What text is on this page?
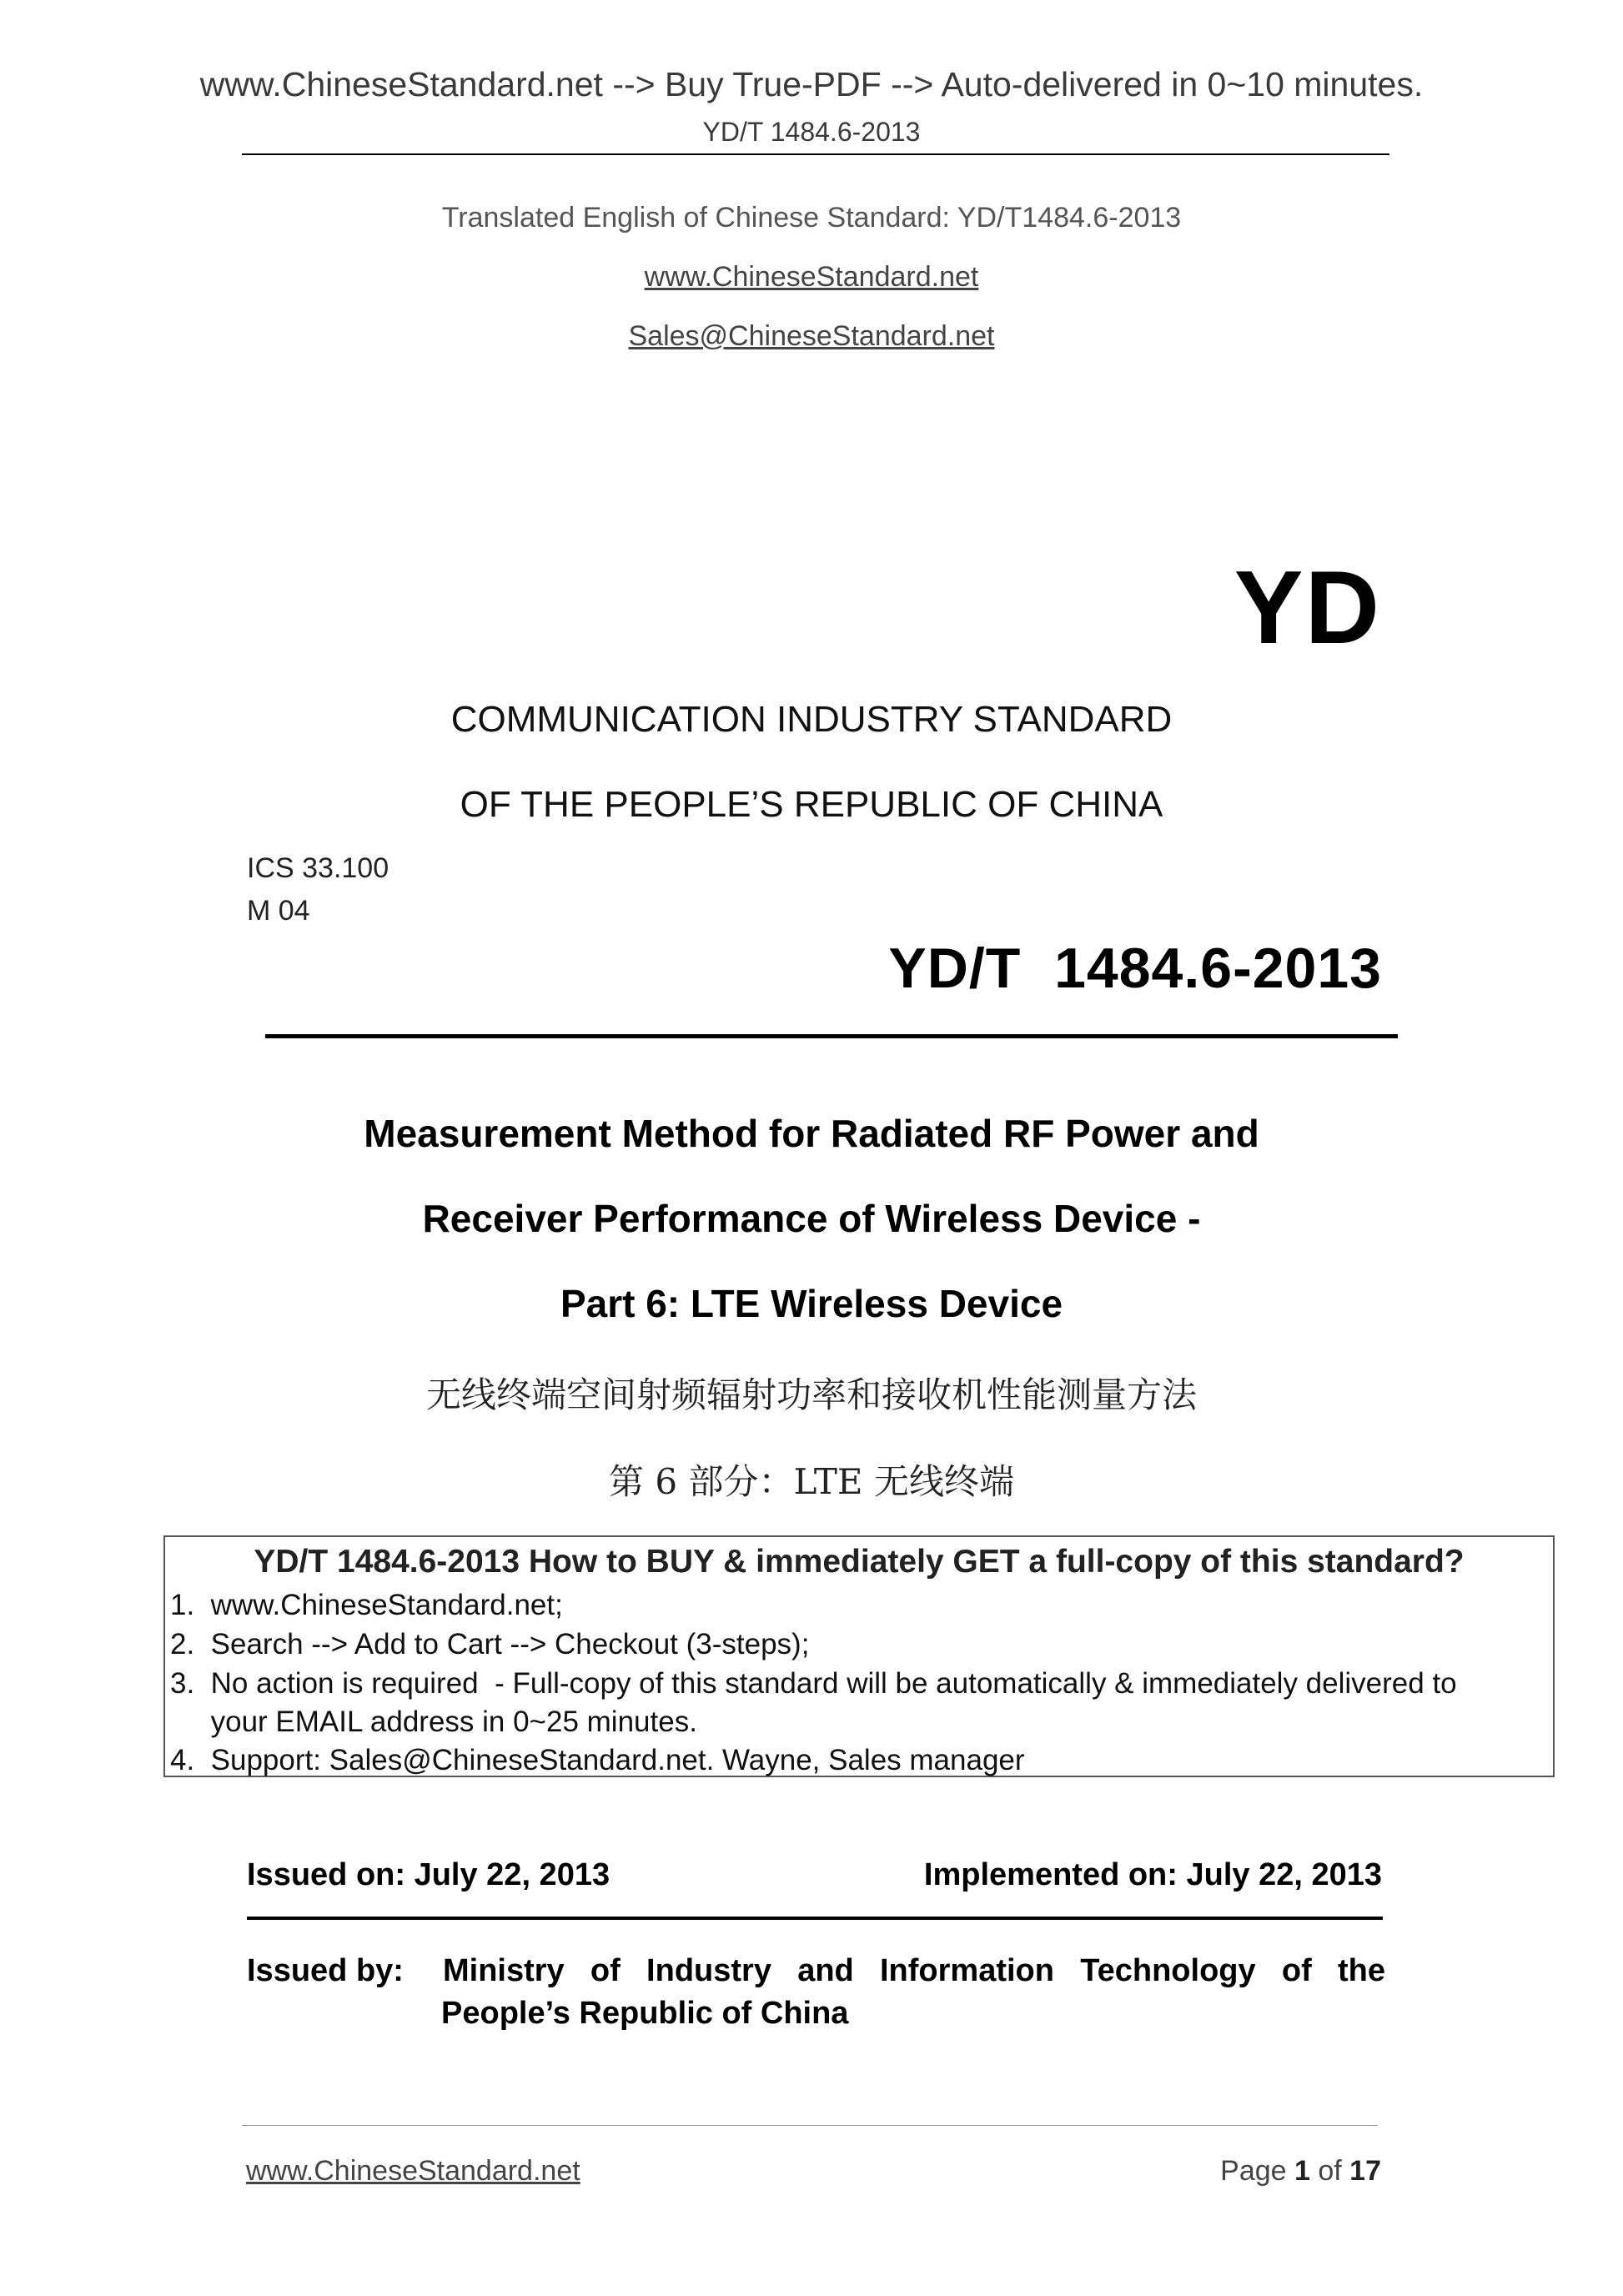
www.ChineseStandard.net --> Buy True-PDF --> Auto-delivered in 0~10 minutes.
YD/T 1484.6-2013
Translated English of Chinese Standard: YD/T1484.6-2013
www.ChineseStandard.net
Sales@ChineseStandard.net
YD
COMMUNICATION INDUSTRY STANDARD
OF THE PEOPLE’S REPUBLIC OF CHINA
ICS 33.100
M 04
YD/T  1484.6-2013
Measurement Method for Radiated RF Power and
Receiver Performance of Wireless Device -
Part 6: LTE Wireless Device
无线终端空间射频辐射功率和接收机性能测量方法
第 6 部分：LTE 无线终端
YD/T 1484.6-2013 How to BUY & immediately GET a full-copy of this standard?
1.  www.ChineseStandard.net;
2.  Search --> Add to Cart --> Checkout (3-steps);
3.  No action is required  - Full-copy of this standard will be automatically & immediately delivered to
your EMAIL address in 0~25 minutes.
4.  Support: Sales@ChineseStandard.net. Wayne, Sales manager
Issued on: July 22, 2013	Implemented on: July 22, 2013
Issued by: Ministry of Industry and Information Technology of the
People’s Republic of China
www.ChineseStandard.net	Page 1 of 17
